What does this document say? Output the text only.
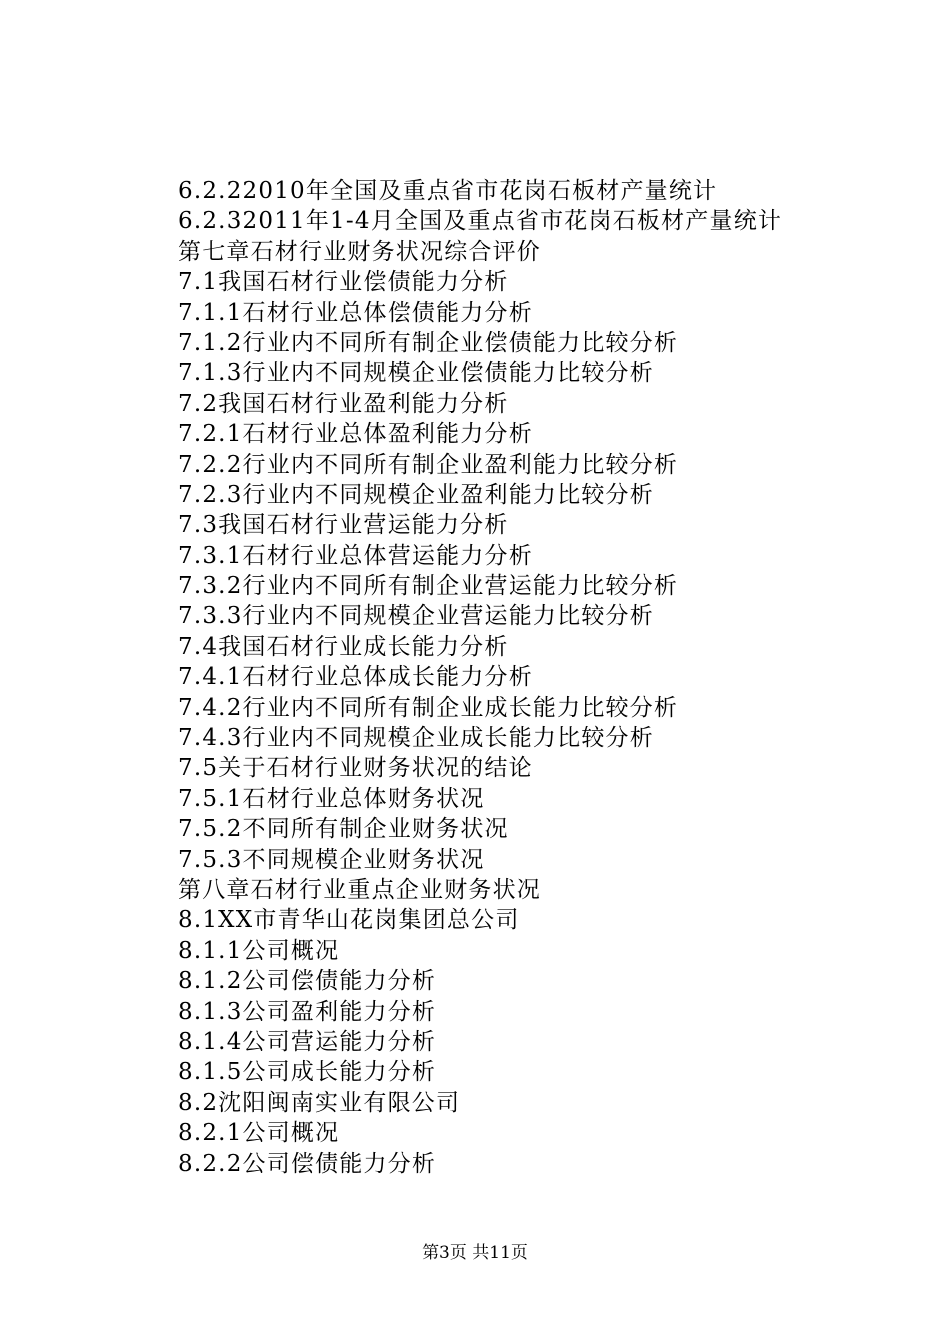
6.2.22010年全国及重点省市花岗石板材产量统计
6.2.32011年1-4月全国及重点省市花岗石板材产量统计
第七章石材行业财务状况综合评价
7.1我国石材行业偿债能力分析
7.1.1石材行业总体偿债能力分析
7.1.2行业内不同所有制企业偿债能力比较分析
7.1.3行业内不同规模企业偿债能力比较分析
7.2我国石材行业盈利能力分析
7.2.1石材行业总体盈利能力分析
7.2.2行业内不同所有制企业盈利能力比较分析
7.2.3行业内不同规模企业盈利能力比较分析
7.3我国石材行业营运能力分析
7.3.1石材行业总体营运能力分析
7.3.2行业内不同所有制企业营运能力比较分析
7.3.3行业内不同规模企业营运能力比较分析
7.4我国石材行业成长能力分析
7.4.1石材行业总体成长能力分析
7.4.2行业内不同所有制企业成长能力比较分析
7.4.3行业内不同规模企业成长能力比较分析
7.5关于石材行业财务状况的结论
7.5.1石材行业总体财务状况
7.5.2不同所有制企业财务状况
7.5.3不同规模企业财务状况
第八章石材行业重点企业财务状况
8.1XX市青华山花岗集团总公司
8.1.1公司概况
8.1.2公司偿债能力分析
8.1.3公司盈利能力分析
8.1.4公司营运能力分析
8.1.5公司成长能力分析
8.2沈阳闽南实业有限公司
8.2.1公司概况
8.2.2公司偿债能力分析
第3页 共11页
